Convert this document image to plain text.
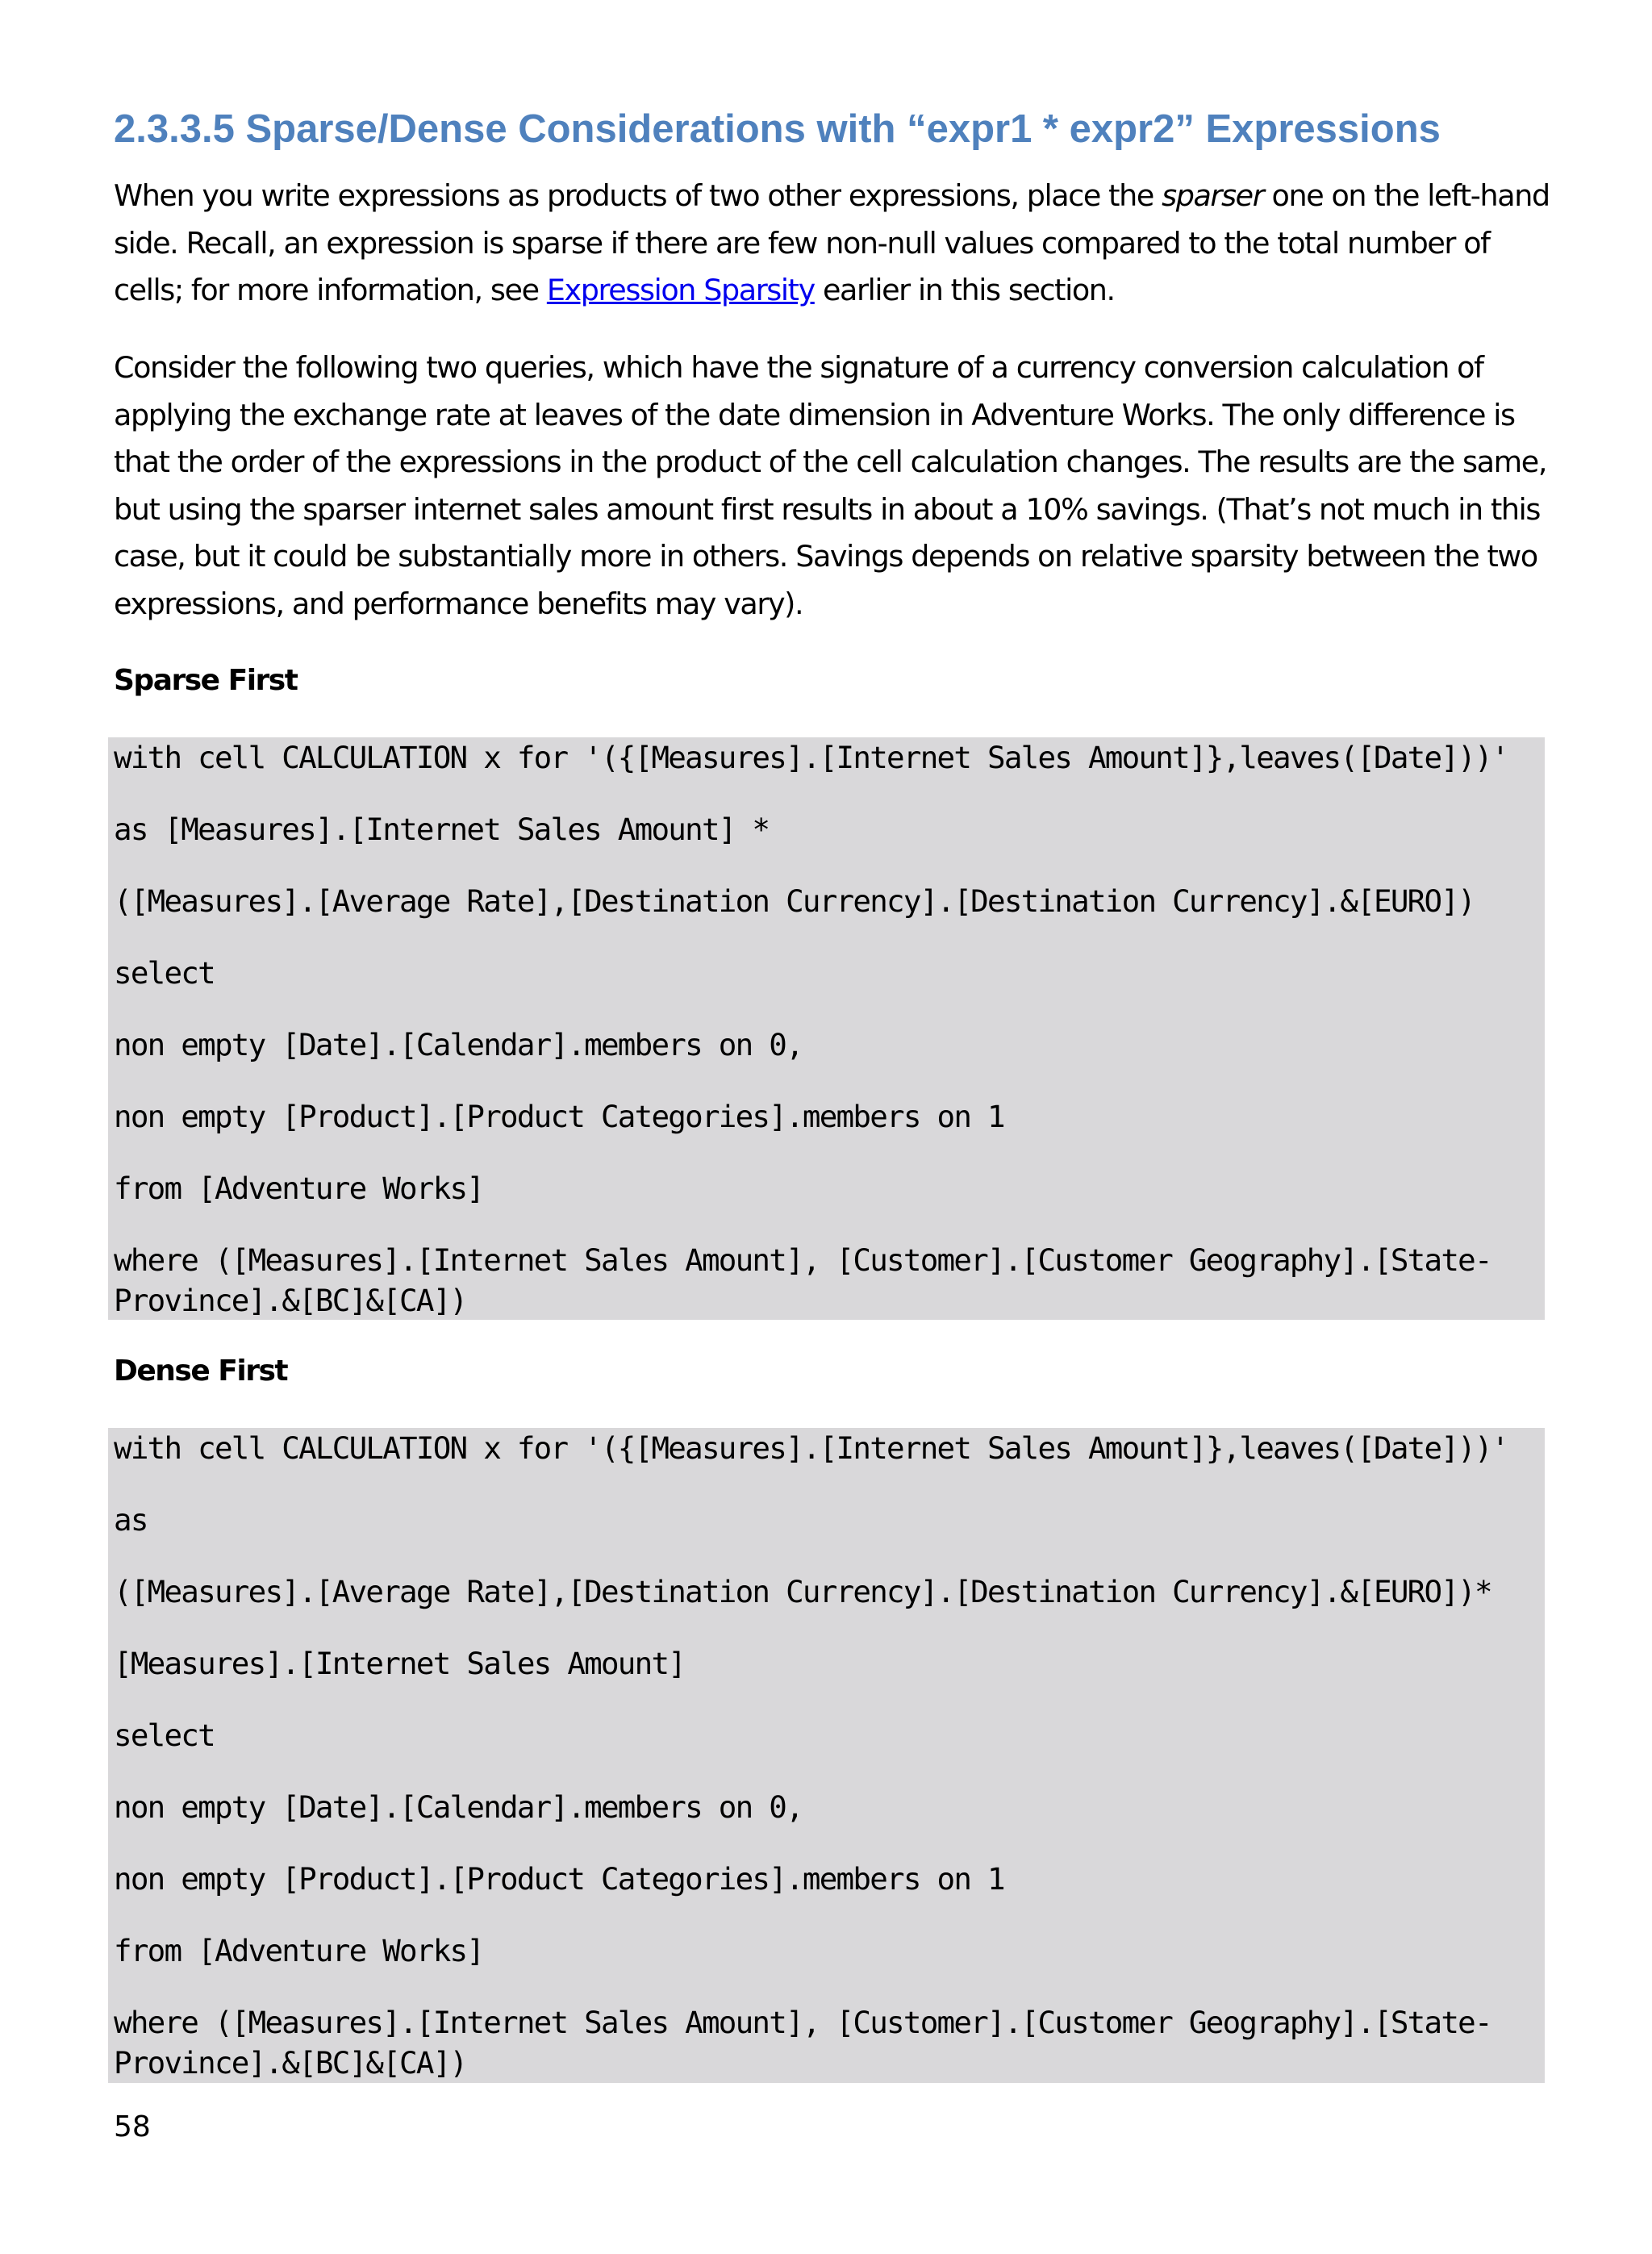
2.3.3.5 Sparse/Dense Considerations with “expr1 * expr2” Expressions

When you write expressions as products of two other expressions, place the sparser one on the left-hand side. Recall, an expression is sparse if there are few non-null values compared to the total number of cells; for more information, see Expression Sparsity earlier in this section.

Consider the following two queries, which have the signature of a currency conversion calculation of applying the exchange rate at leaves of the date dimension in Adventure Works. The only difference is that the order of the expressions in the product of the cell calculation changes. The results are the same, but using the sparser internet sales amount first results in about a 10% savings. (That’s not much in this case, but it could be substantially more in others. Savings depends on relative sparsity between the two expressions, and performance benefits may vary).

Sparse First

with cell CALCULATION x for '({[Measures].[Internet Sales Amount]},leaves([Date]))'
as [Measures].[Internet Sales Amount] *
([Measures].[Average Rate],[Destination Currency].[Destination Currency].&[EURO])
select
non empty [Date].[Calendar].members on 0,
non empty [Product].[Product Categories].members on 1
from [Adventure Works]
where ([Measures].[Internet Sales Amount], [Customer].[Customer Geography].[State-
Province].&[BC]&[CA])

Dense First

with cell CALCULATION x for '({[Measures].[Internet Sales Amount]},leaves([Date]))'
as
([Measures].[Average Rate],[Destination Currency].[Destination Currency].&[EURO])*
[Measures].[Internet Sales Amount]
select
non empty [Date].[Calendar].members on 0,
non empty [Product].[Product Categories].members on 1
from [Adventure Works]
where ([Measures].[Internet Sales Amount], [Customer].[Customer Geography].[State-
Province].&[BC]&[CA])

58
